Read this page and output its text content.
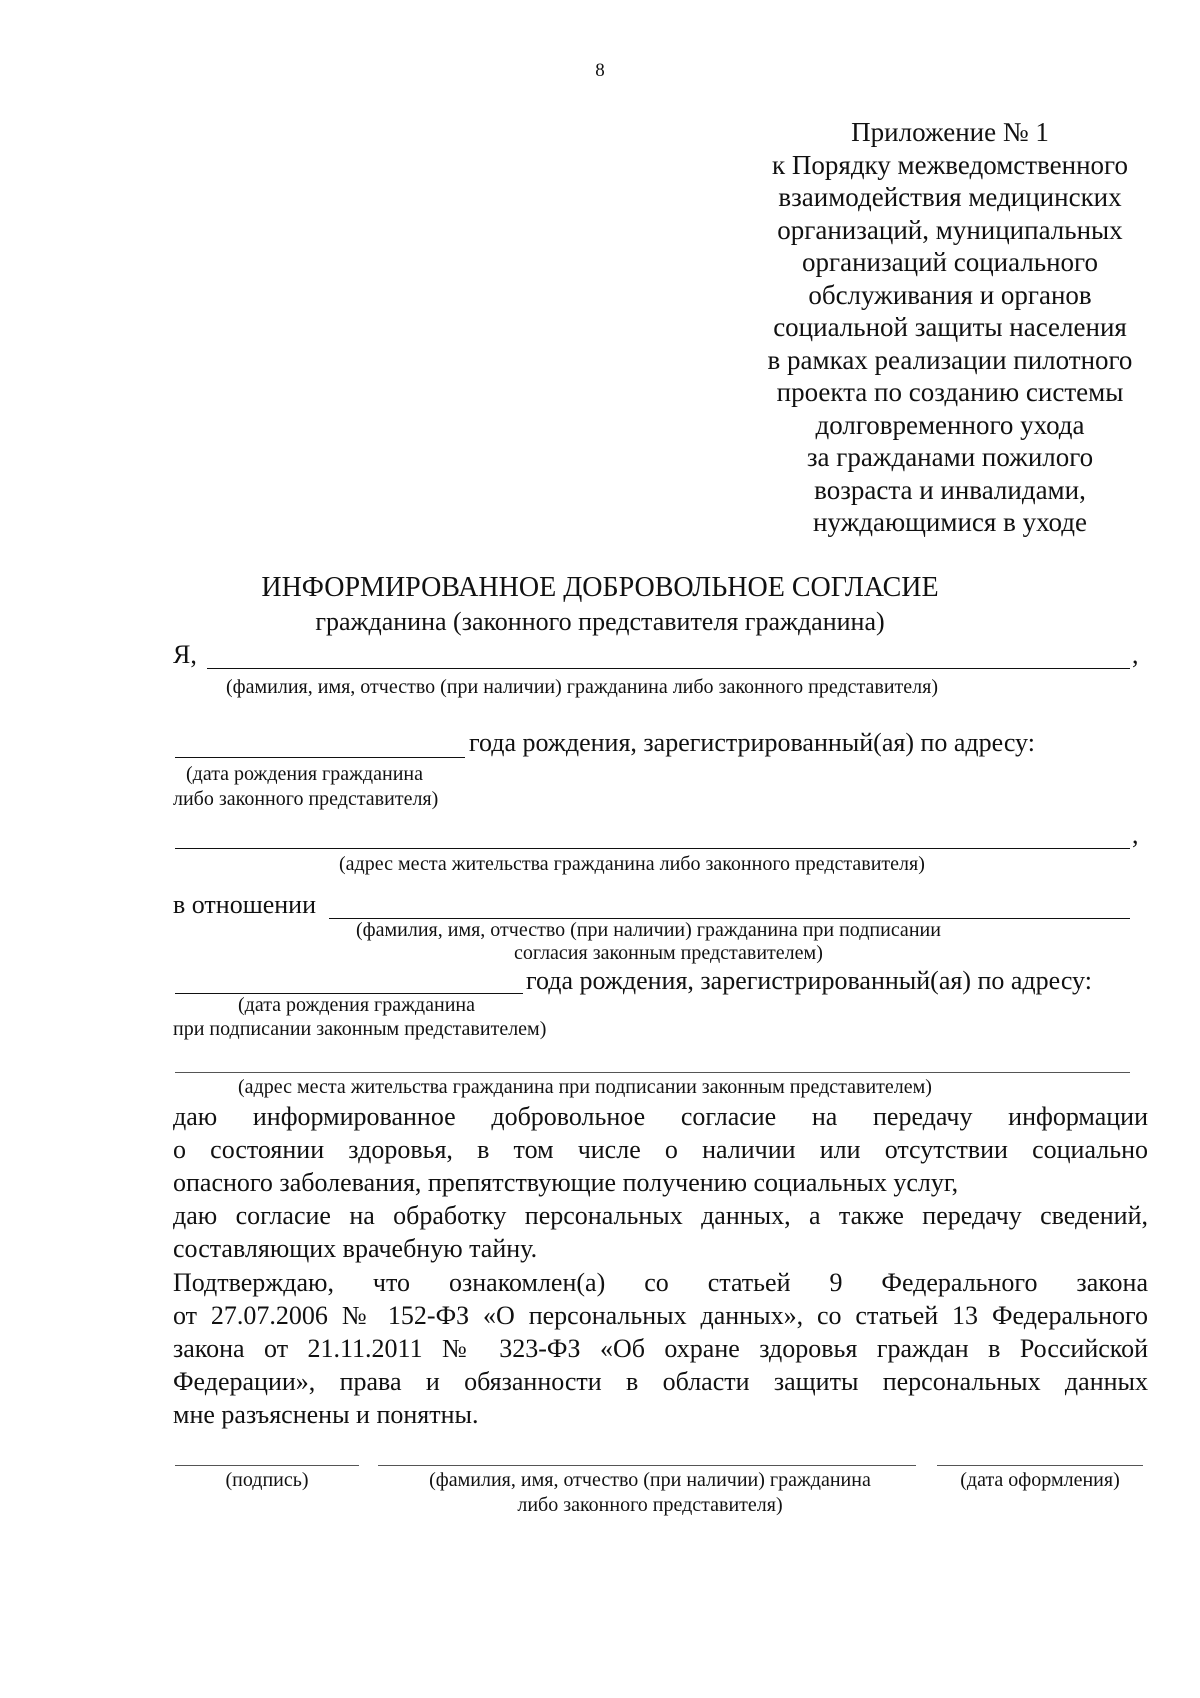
8
Приложение № 1
к Порядку межведомственного
взаимодействия медицинских
организаций, муниципальных
организаций социального
обслуживания и органов
социальной защиты населения
в рамках реализации пилотного
проекта по созданию системы
долговременного ухода
за гражданами пожилого
возраста и инвалидами,
нуждающимися в уходе
ИНФОРМИРОВАННОЕ ДОБРОВОЛЬНОЕ СОГЛАСИЕ
гражданина (законного представителя гражданина)
Я,	,
(фамилия, имя, отчество (при наличии) гражданина либо законного представителя)
года рождения, зарегистрированный(ая) по адресу:
(дата рождения гражданина
либо законного представителя)
,
(адрес места жительства гражданина либо законного представителя)
в отношении
(фамилия, имя, отчество (при наличии) гражданина при подписании
согласия законным представителем)
года рождения, зарегистрированный(ая) по адресу:
(дата рождения гражданина
при подписании законным представителем)
(адрес места жительства гражданина при подписании законным представителем)
даю информированное добровольное согласие на передачу информации
о состоянии здоровья, в том числе о наличии или отсутствии социально
опасного заболевания, препятствующие получению социальных услуг,
даю согласие на обработку персональных данных, а также передачу сведений,
составляющих врачебную тайну.
Подтверждаю, что ознакомлен(а) со статьей 9 Федерального закона
от 27.07.2006 № 152-ФЗ «О персональных данных», со статьей 13 Федерального
закона от 21.11.2011 № 323-ФЗ «Об охране здоровья граждан в Российской
Федерации», права и обязанности в области защиты персональных данных
мне разъяснены и понятны.
(подпись)	(фамилия, имя, отчество (при наличии) гражданина
либо законного представителя)
(дата оформления)
